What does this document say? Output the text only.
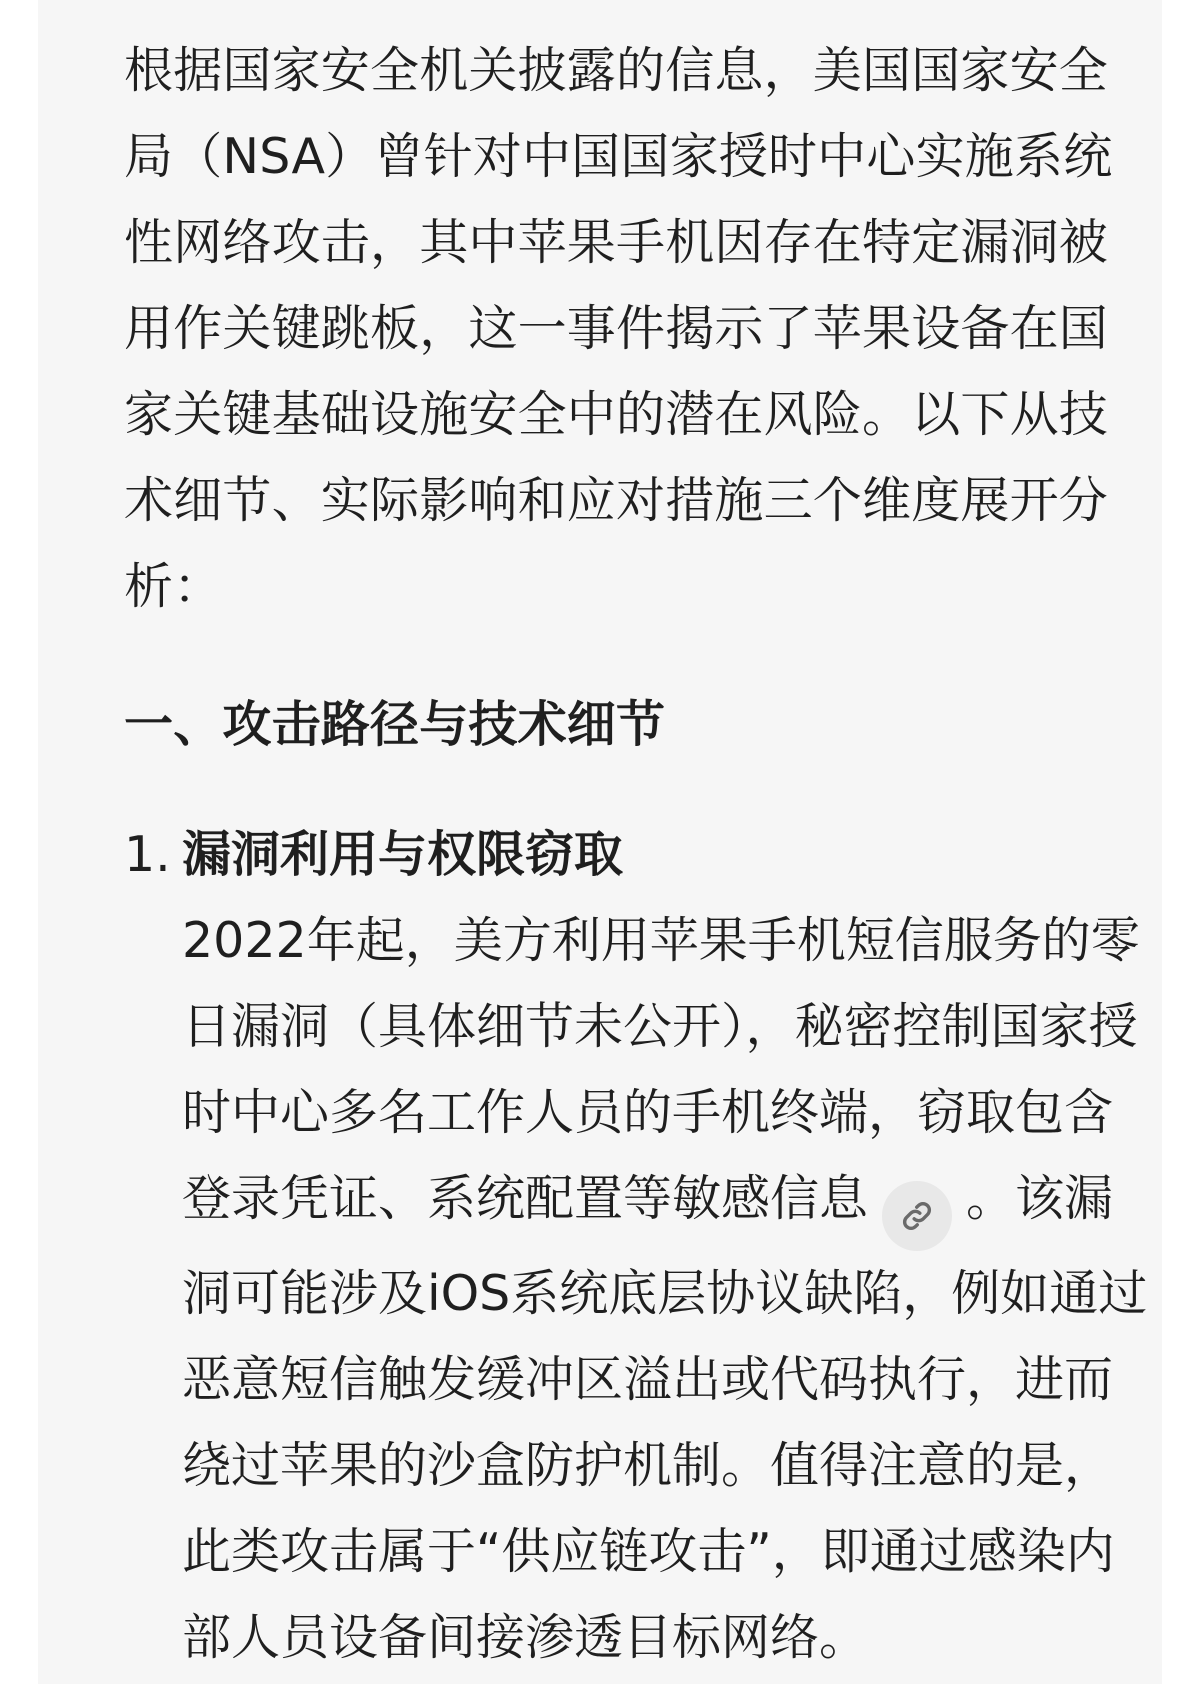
根据国家安全机关披露的信息，美国国家安全局（NSA）曾针对中国国家授时中心实施系统性网络攻击，其中苹果手机因存在特定漏洞被用作关键跳板，这一事件揭示了苹果设备在国家关键基础设施安全中的潜在风险。以下从技术细节、实际影响和应对措施三个维度展开分析：

一、攻击路径与技术细节
1. 漏洞利用与权限窃取

2022年起，美方利用苹果手机短信服务的零日漏洞（具体细节未公开），秘密控制国家授时中心多名工作人员的手机终端，窃取包含登录凭证、系统配置等敏感信息 。该漏洞可能涉及iOS系统底层协议缺陷，例如通过恶意短信触发缓冲区溢出或代码执行，进而绕过苹果的沙盒防护机制。值得注意的是，此类攻击属于“供应链攻击”，即通过感染内部人员设备间接渗透目标网络。
